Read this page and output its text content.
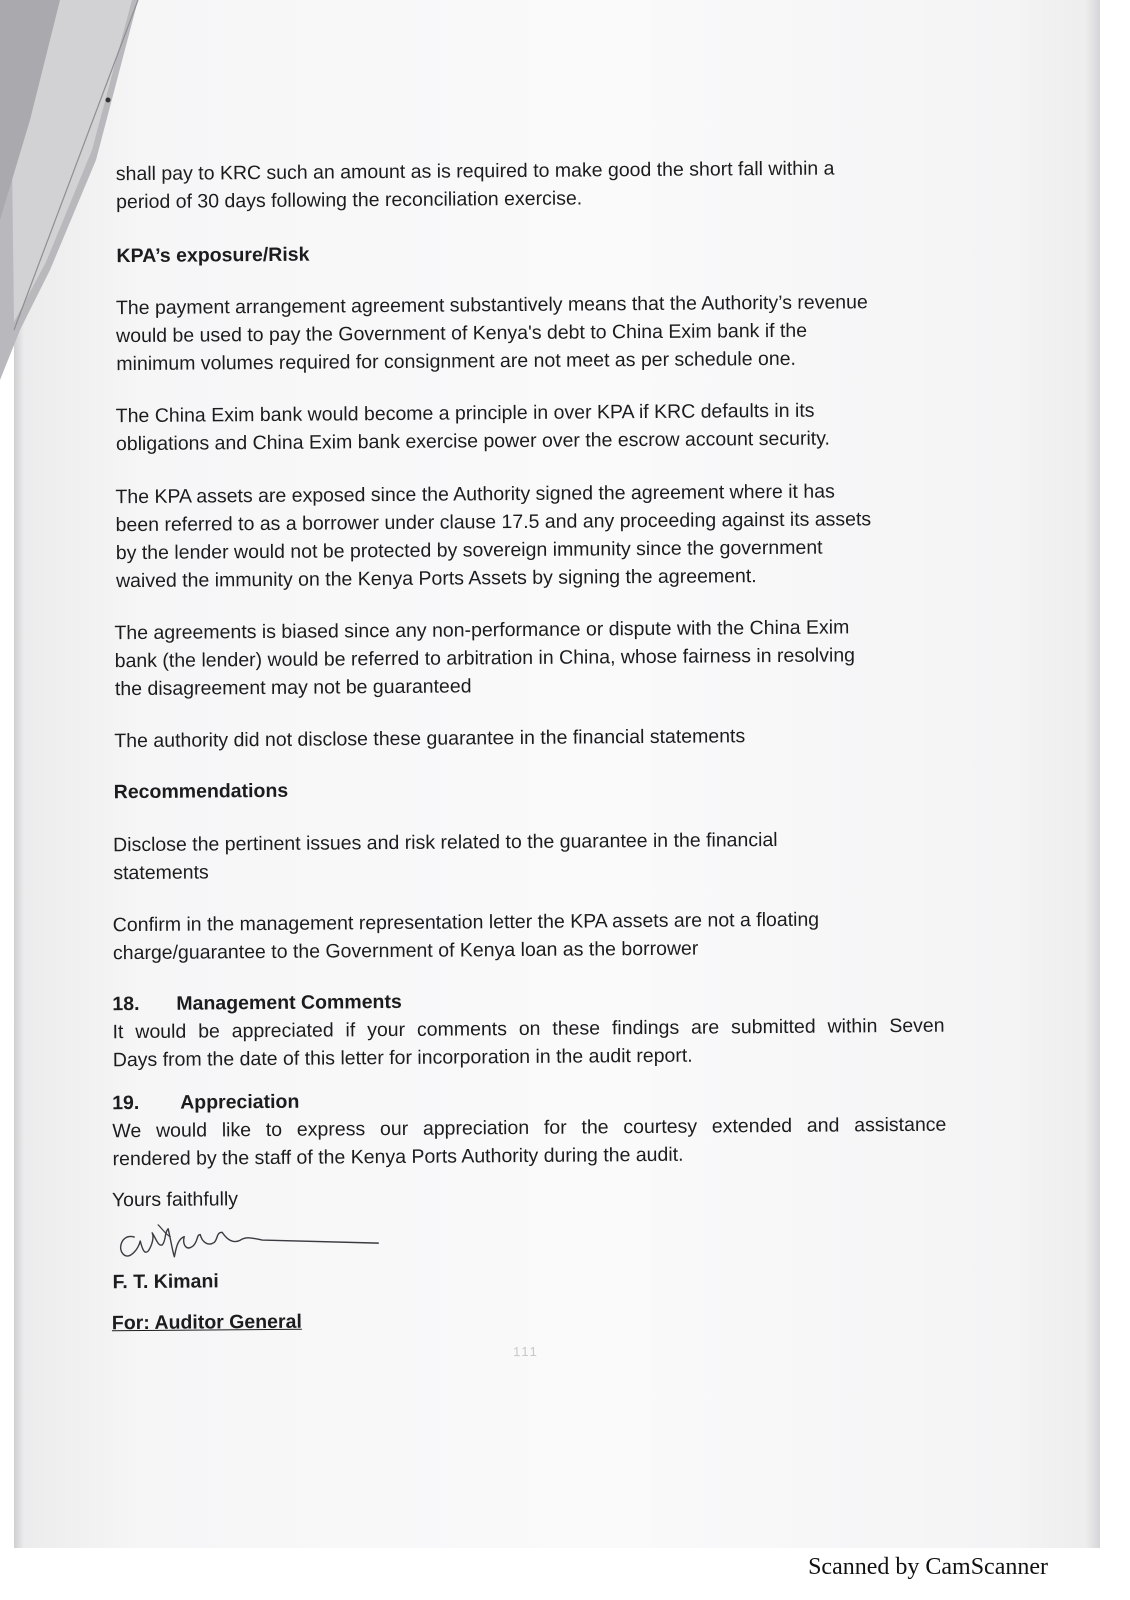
shall pay to KRC such an amount as is required to make good the short fall within a
period of 30 days following the reconciliation exercise.
KPA’s exposure/Risk
The payment arrangement agreement substantively means that the Authority’s revenue
would be used to pay the Government of Kenya's debt to China Exim bank if the
minimum volumes required for consignment are not meet as per schedule one.
The China Exim bank would become a principle in over KPA if KRC defaults in its
obligations and China Exim bank exercise power over the escrow account security.
The KPA assets are exposed since the Authority signed the agreement where it has
been referred to as a borrower under clause 17.5 and any proceeding against its assets
by the lender would not be protected by sovereign immunity since the government
waived the immunity on the Kenya Ports Assets by signing the agreement.
The agreements is biased since any non-performance or dispute with the China Exim
bank (the lender) would be referred to arbitration in China, whose fairness in resolving
the disagreement may not be guaranteed
The authority did not disclose these guarantee in the financial statements
Recommendations
Disclose the pertinent issues and risk related to the guarantee in the financial
statements
Confirm in the management representation letter the KPA assets are not a floating
charge/guarantee to the Government of Kenya loan as the borrower
18. Management Comments
It would be appreciated if your comments on these findings are submitted within Seven
Days from the date of this letter for incorporation in the audit report.
19. Appreciation
We would like to express our appreciation for the courtesy extended and assistance
rendered by the staff of the Kenya Ports Authority during the audit.
Yours faithfully
F. T. Kimani
For: Auditor General
111
Scanned by CamScanner
